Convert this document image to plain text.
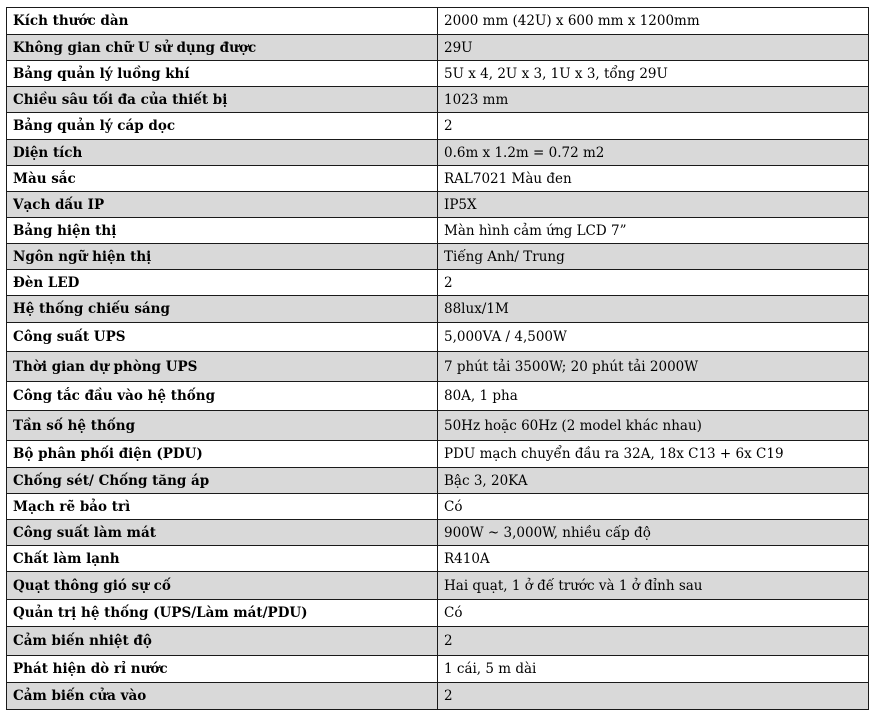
Kích thước dàn	2000 mm (42U) x 600 mm x 1200mm
Không gian chữ U sử dụng được	29U
Bảng quản lý luồng khí	5U x 4, 2U x 3, 1U x 3, tổng 29U
Chiều sâu tối đa của thiết bị	1023 mm
Bảng quản lý cáp dọc	2
Diện tích	0.6m x 1.2m = 0.72 m2
Màu sắc	RAL7021 Màu đen
Vạch dấu IP	IP5X
Bảng hiện thị	Màn hình cảm ứng LCD 7”
Ngôn ngữ hiện thị	Tiếng Anh/ Trung
Đèn LED	2
Hệ thống chiếu sáng	88lux/1M
Công suất UPS	5,000VA / 4,500W
Thời gian dự phòng UPS	7 phút tải 3500W; 20 phút tải 2000W
Công tắc đầu vào hệ thống	80A, 1 pha
Tần số hệ thống	50Hz hoặc 60Hz (2 model khác nhau)
Bộ phân phối điện (PDU)	PDU mạch chuyển đầu ra 32A, 18x C13 + 6x C19
Chống sét/ Chống tăng áp	Bậc 3, 20KA
Mạch rẽ bảo trì	Có
Công suất làm mát	900W ~ 3,000W, nhiều cấp độ
Chất làm lạnh	R410A
Quạt thông gió sự cố	Hai quạt, 1 ở đế trước và 1 ở đỉnh sau
Quản trị hệ thống (UPS/Làm mát/PDU)	Có
Cảm biến nhiệt độ	2
Phát hiện dò rỉ nước	1 cái, 5 m dài
Cảm biến cửa vào	2
